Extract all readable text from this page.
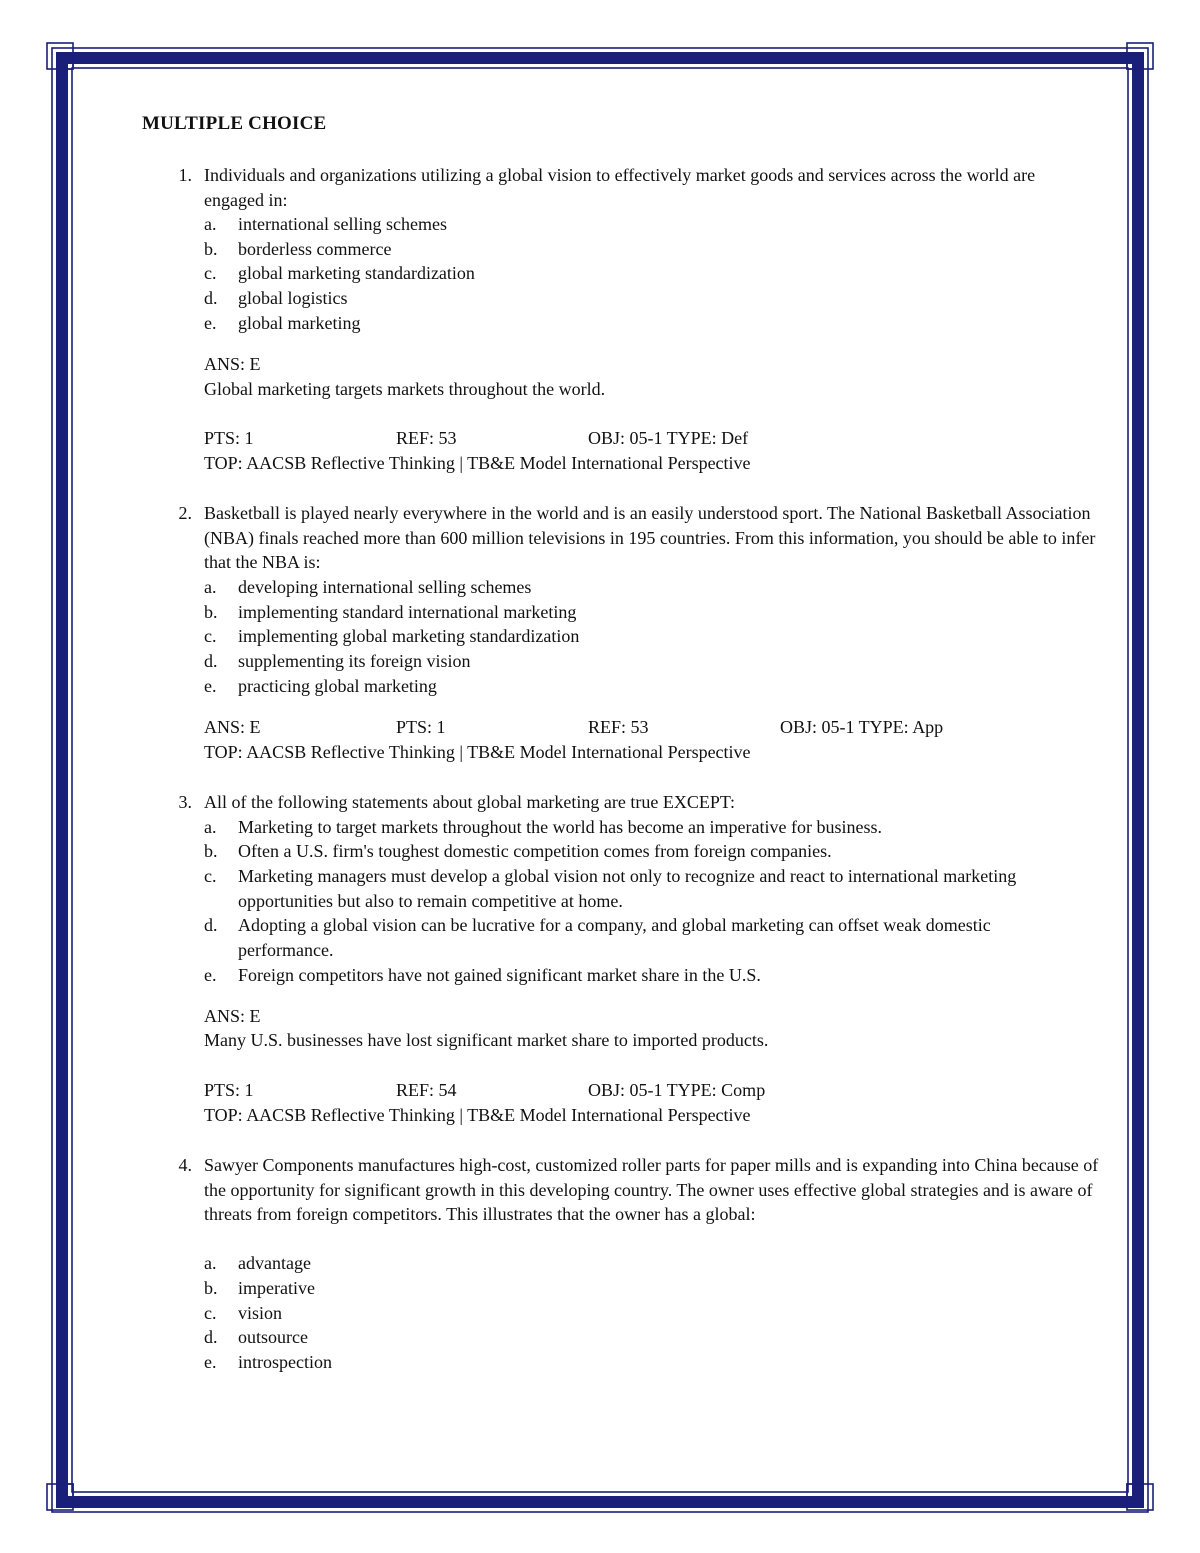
MULTIPLE CHOICE
1. Individuals and organizations utilizing a global vision to effectively market goods and services across the world are engaged in:
a. international selling schemes
b. borderless commerce
c. global marketing standardization
d. global logistics
e. global marketing
ANS: E
Global marketing targets markets throughout the world.
PTS: 1	REF: 53	OBJ: 05-1 TYPE: Def
TOP: AACSB Reflective Thinking | TB&E Model International Perspective
2. Basketball is played nearly everywhere in the world and is an easily understood sport. The National Basketball Association (NBA) finals reached more than 600 million televisions in 195 countries. From this information, you should be able to infer that the NBA is:
a. developing international selling schemes
b. implementing standard international marketing
c. implementing global marketing standardization
d. supplementing its foreign vision
e. practicing global marketing
ANS: E	PTS: 1	REF: 53	OBJ: 05-1 TYPE: App
TOP: AACSB Reflective Thinking | TB&E Model International Perspective
3. All of the following statements about global marketing are true EXCEPT:
a. Marketing to target markets throughout the world has become an imperative for business.
b. Often a U.S. firm's toughest domestic competition comes from foreign companies.
c. Marketing managers must develop a global vision not only to recognize and react to international marketing opportunities but also to remain competitive at home.
d. Adopting a global vision can be lucrative for a company, and global marketing can offset weak domestic performance.
e. Foreign competitors have not gained significant market share in the U.S.
ANS: E
Many U.S. businesses have lost significant market share to imported products.
PTS: 1	REF: 54	OBJ: 05-1 TYPE: Comp
TOP: AACSB Reflective Thinking | TB&E Model International Perspective
4. Sawyer Components manufactures high-cost, customized roller parts for paper mills and is expanding into China because of the opportunity for significant growth in this developing country. The owner uses effective global strategies and is aware of threats from foreign competitors. This illustrates that the owner has a global:
a. advantage
b. imperative
c. vision
d. outsource
e. introspection
